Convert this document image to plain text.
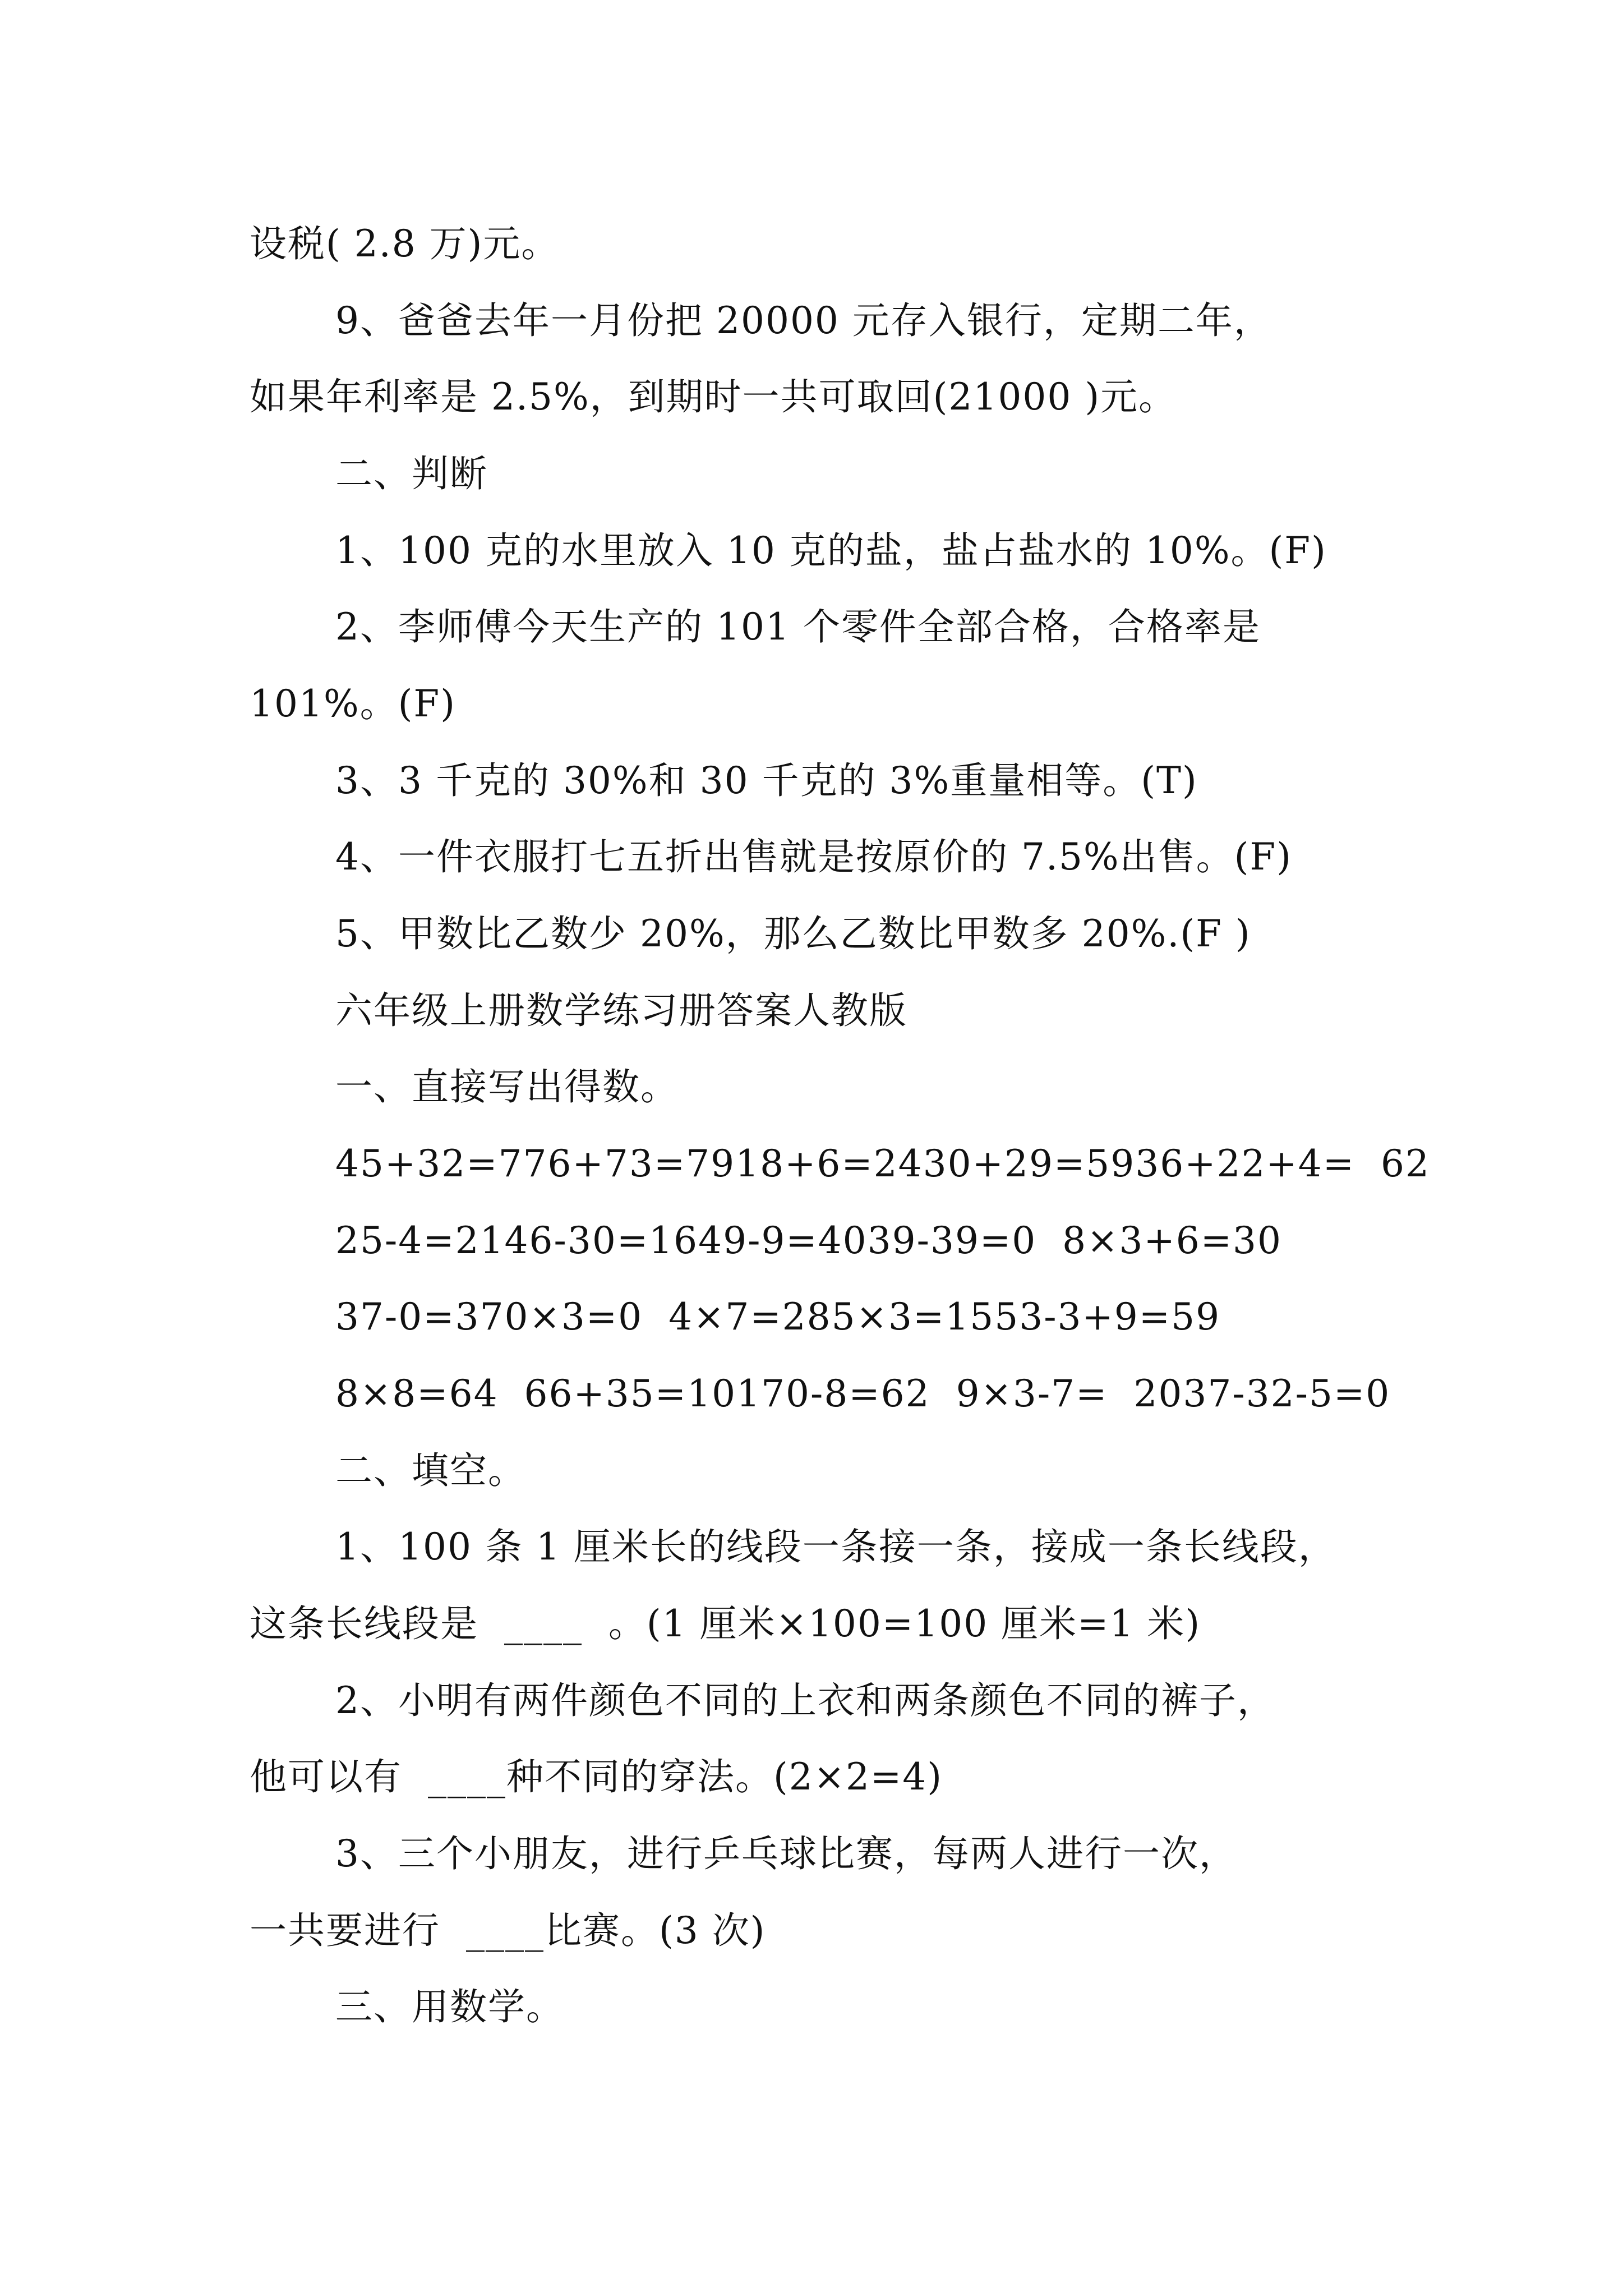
设税( 2.8 万)元。
9、爸爸去年一月份把 20000 元存入银行，定期二年，
如果年利率是 2.5%，到期时一共可取回(21000 )元。
二、判断
1、100 克的水里放入 10 克的盐，盐占盐水的 10%。(F)
2、李师傅今天生产的 101 个零件全部合格，合格率是
101%。(F)
3、3 千克的 30%和 30 千克的 3%重量相等。(T)
4、一件衣服打七五折出售就是按原价的 7.5%出售。(F)
5、甲数比乙数少 20%，那么乙数比甲数多 20%.(F )
六年级上册数学练习册答案人教版
一、直接写出得数。
45+32=776+73=7918+6=2430+29=5936+22+4=  62
25-4=2146-30=1649-9=4039-39=0  8×3+6=30
37-0=370×3=0  4×7=285×3=1553-3+9=59
8×8=64  66+35=10170-8=62  9×3-7=  2037-32-5=0
二、填空。
1、100 条 1 厘米长的线段一条接一条，接成一条长线段，
这条长线段是  ____  。(1 厘米×100=100 厘米=1 米)
2、小明有两件颜色不同的上衣和两条颜色不同的裤子，
他可以有  ____种不同的穿法。(2×2=4)
3、三个小朋友，进行乒乓球比赛，每两人进行一次，
一共要进行  ____比赛。(3 次)
三、用数学。
